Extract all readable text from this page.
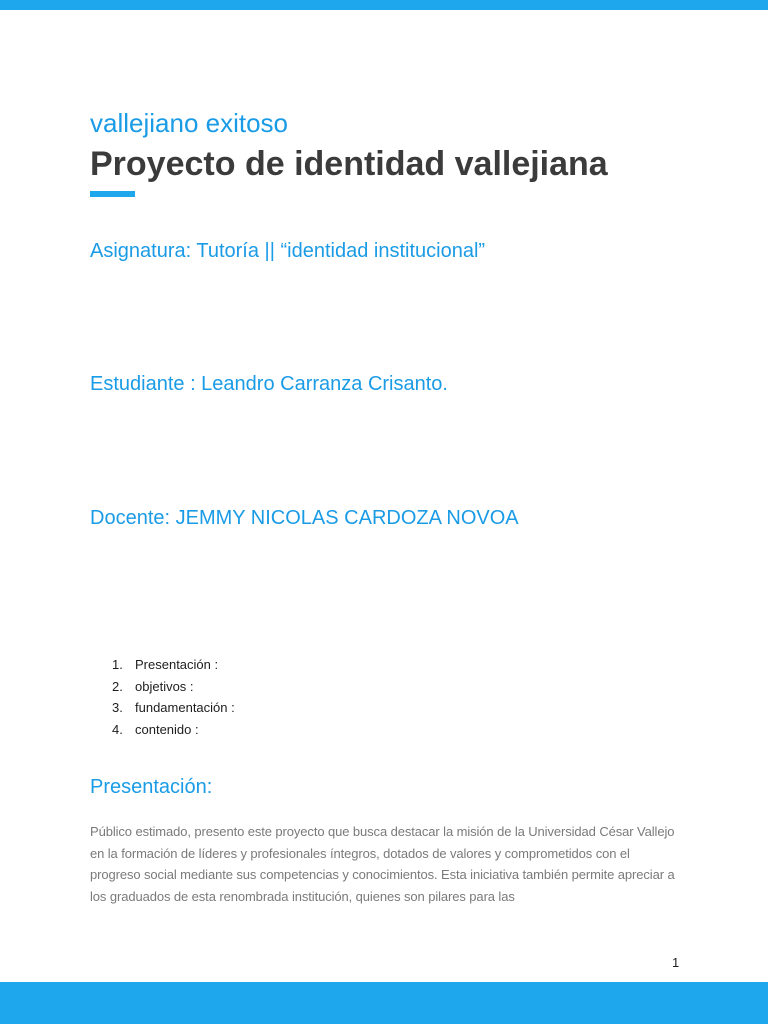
vallejiano exitoso
Proyecto de identidad vallejiana
Asignatura: Tutoría || “identidad institucional”
Estudiante : Leandro Carranza Crisanto.
Docente: JEMMY NICOLAS CARDOZA NOVOA
1. Presentación :
2. objetivos :
3. fundamentación :
4. contenido :
Presentación:

Público estimado, presento este proyecto que busca destacar la misión de la Universidad César Vallejo en la formación de líderes y profesionales íntegros, dotados de valores y comprometidos con el progreso social mediante sus competencias y conocimientos. Esta iniciativa también permite apreciar a los graduados de esta renombrada institución, quienes son pilares para las

1
